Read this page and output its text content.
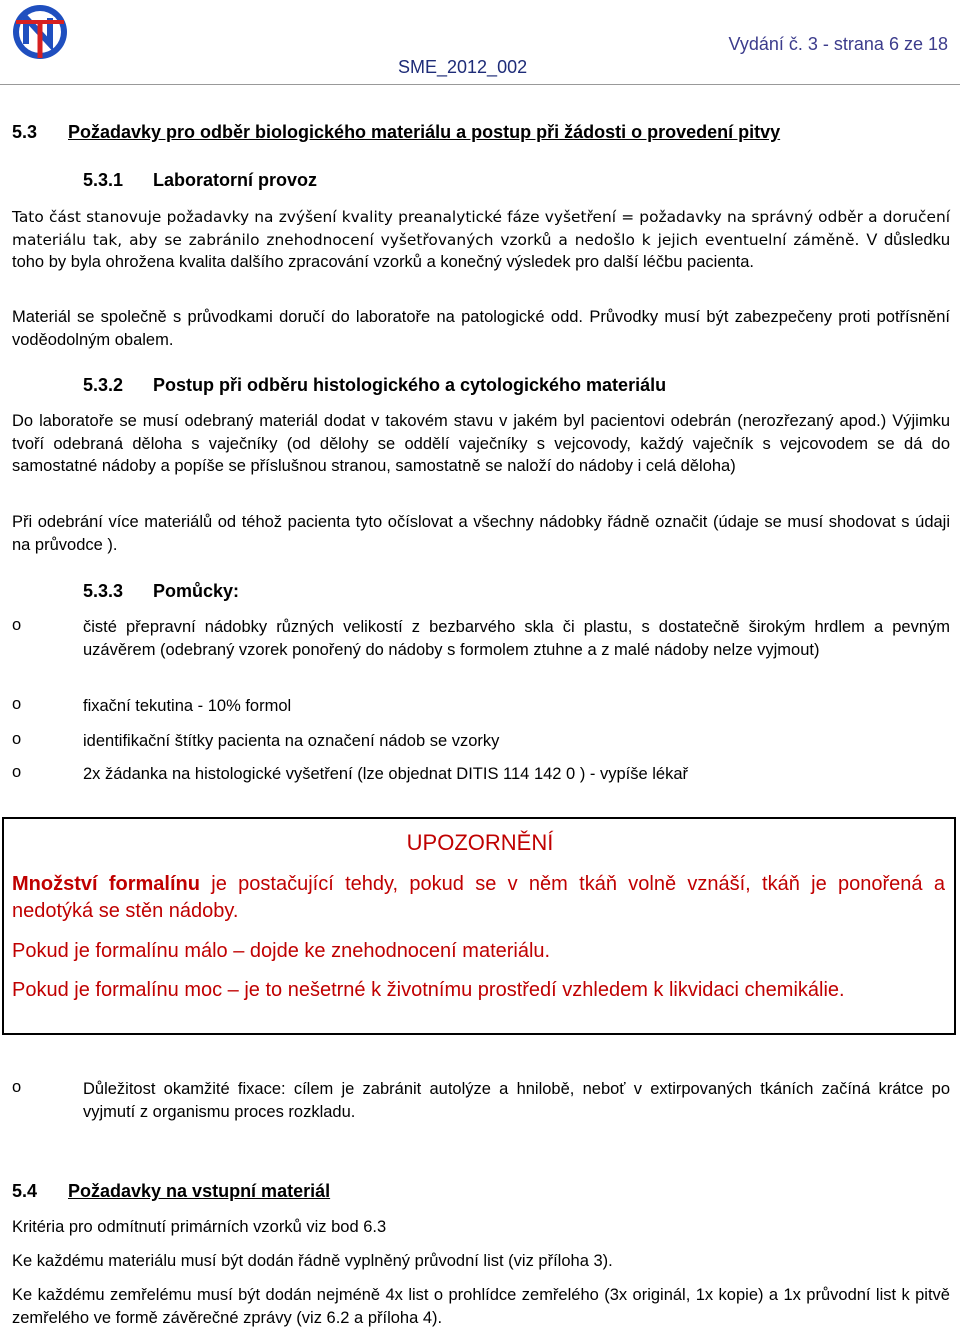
Vydání č. 3 - strana 6 ze 18
SME_2012_002
5.3 Požadavky pro odběr biologického materiálu a postup při žádosti o provedení pitvy
5.3.1 Laboratorní provoz
Tato část stanovuje požadavky na zvýšení kvality preanalytické fáze vyšetření = požadavky na správný odběr a doručení materiálu tak, aby se zabránilo znehodnocení vyšetřovaných vzorků a nedošlo k jejich eventuelní záměně. V důsledku toho by byla ohrožena kvalita dalšího zpracování vzorků a konečný výsledek pro další léčbu pacienta.
Materiál se společně s průvodkami doručí do laboratoře na patologické odd. Průvodky musí být zabezpečeny proti potřísnění voděodolným obalem.
5.3.2 Postup při odběru histologického a cytologického materiálu
Do laboratoře se musí odebraný materiál dodat v takovém stavu v jakém byl pacientovi odebrán (nerozřezaný apod.) Výjimku tvoří odebraná děloha s vaječníky (od dělohy se oddělí vaječníky s vejcovody, každý vaječník s vejcovodem se dá do samostatné nádoby a popíše se příslušnou stranou, samostatně se naloží do nádoby i celá děloha)
Při odebrání více materiálů od téhož pacienta tyto očíslovat a všechny nádobky řádně označit (údaje se musí shodovat s údaji na průvodce ).
5.3.3 Pomůcky:
o	čisté přepravní nádobky různých velikostí z bezbarvého skla či plastu, s dostatečně širokým hrdlem a pevným uzávěrem (odebraný vzorek ponořený do nádoby s formolem ztuhne a z malé nádoby nelze vyjmout)
o	fixační tekutina - 10% formol
o	identifikační štítky pacienta na označení nádob se vzorky
o	2x žádanka na histologické vyšetření (lze objednat DITIS 114 142 0 ) - vypíše lékař
UPOZORNĚNÍ
Množství formalínu je postačující tehdy, pokud se v něm tkáň volně vznáší, tkáň je ponořená a nedotýká se stěn nádoby.
Pokud je formalínu málo – dojde ke znehodnocení materiálu.
Pokud je formalínu moc – je to nešetrné k životnímu prostředí vzhledem k likvidaci chemikálie.
o	Důležitost okamžité fixace: cílem je zabránit autolýze a hnilobě, neboť v extirpovaných tkáních začíná krátce po vyjmutí z organismu proces rozkladu.
5.4 Požadavky na vstupní materiál
Kritéria pro odmítnutí primárních vzorků viz bod 6.3
Ke každému materiálu musí být dodán řádně vyplněný průvodní list (viz příloha 3).
Ke každému zemřelému musí být dodán nejméně 4x list o prohlídce zemřelého (3x originál, 1x kopie) a 1x průvodní list k pitvě zemřelého ve formě závěrečné zprávy (viz 6.2 a příloha 4).
